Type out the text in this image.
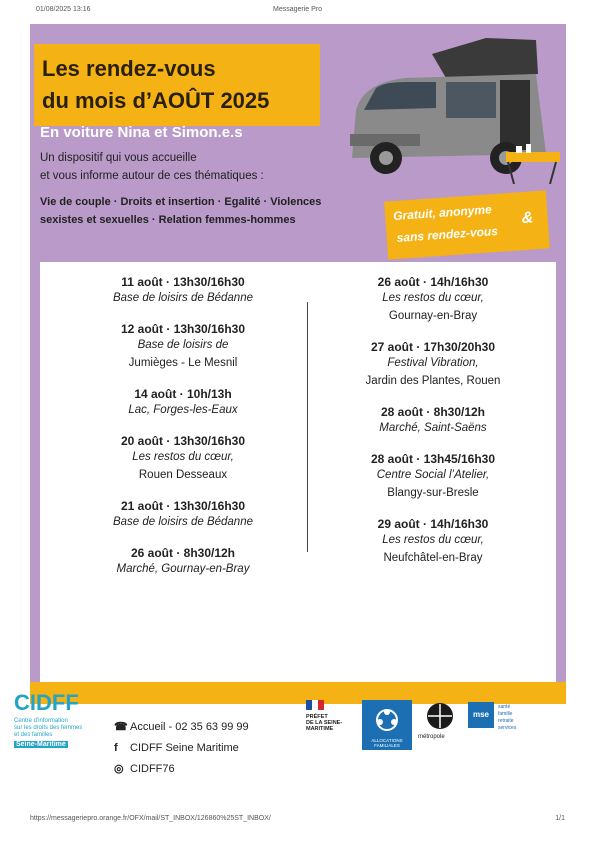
01/08/2025 13:16	Messagerie Pro
Les rendez-vous
du mois d’AOÛT 2025
En voiture Nina et Simon.e.s
Un dispositif qui vous accueille
et vous informe autour de ces thématiques :
Vie de couple · Droits et insertion · Egalité · Violences
sexistes et sexuelles · Relation femmes-hommes	Gratuit, anonyme &
sans rendez-vous
11 août · 13h30/16h30
Base de loisirs de Bédanne
12 août · 13h30/16h30
Base de loisirs de
Jumièges - Le Mesnil
14 août · 10h/13h
Lac, Forges-les-Eaux
20 août · 13h30/16h30
Les restos du cœur,
Rouen Desseaux
21 août · 13h30/16h30
Base de loisirs de Bédanne
26 août · 8h30/12h
Marché, Gournay-en-Bray
26 août · 14h/16h30
Les restos du cœur,
Gournay-en-Bray
27 août · 17h30/20h30
Festival Vibration,
Jardin des Plantes, Rouen
28 août · 8h30/12h
Marché, Saint-Saëns
28 août · 13h45/16h30
Centre Social l’Atelier,
Blangy-sur-Bresle
29 août · 14h/16h30
Les restos du cœur,
Neufchâtel-en-Bray
CIDFF
Centre d'information
sur les droits des femmes
et des familles
Seine-Maritime
☎ Accueil - 02 35 63 99 99
f CIDFF Seine Maritime
◎ CIDFF76
PRÉFET
DE LA SEINE-
MARITIME
ALLOCATIONS FAMILIALES
métropole
mse
santé
famille
retraite
services
https://messageriepro.orange.fr/OFX/mail/ST_INBOX/126860%25ST_INBOX/	1/1
